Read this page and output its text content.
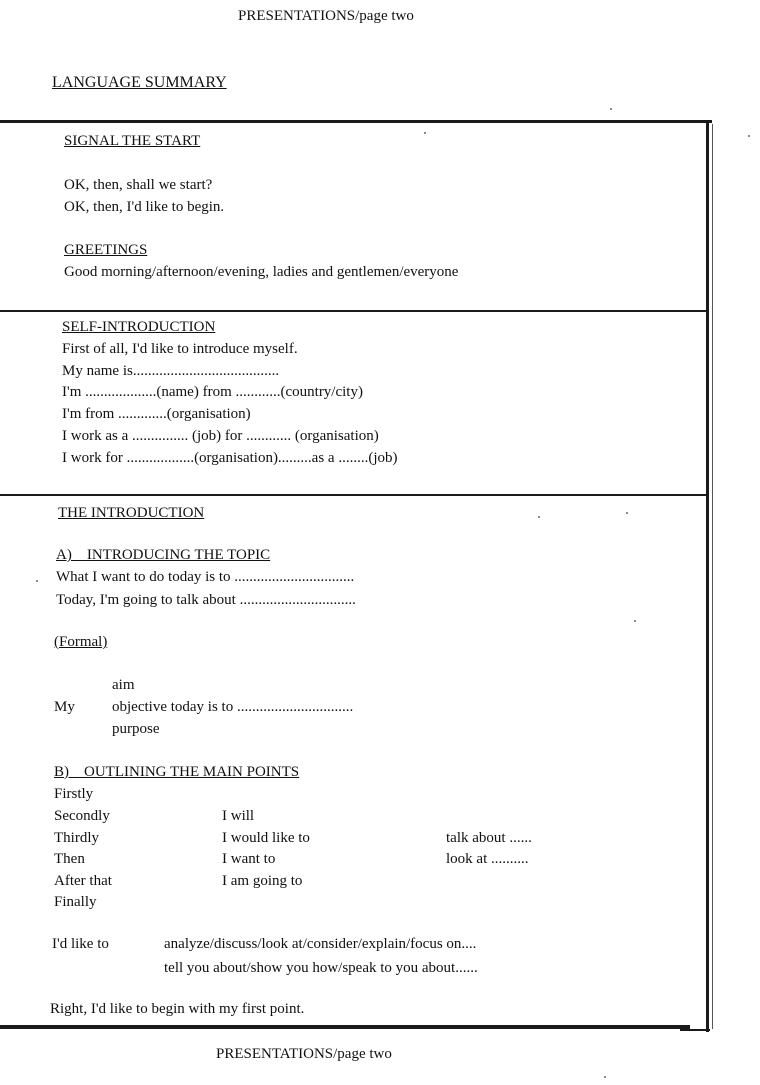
PRESENTATIONS/page two
LANGUAGE SUMMARY
SIGNAL THE START
OK, then, shall we start?
OK, then, I'd like to begin.
GREETINGS
Good morning/afternoon/evening, ladies and gentlemen/everyone
SELF-INTRODUCTION
First of all, I'd like to introduce myself.
My name is.......................................
I'm ...................(name) from ............(country/city)
I'm from .............(organisation)
I work as a ............... (job) for ............ (organisation)
I work for ..................(organisation).........as a ........(job)
THE INTRODUCTION
A)    INTRODUCING THE TOPIC
What I want to do today is to ................................
Today, I'm going to talk about ...............................
(Formal)
aim
My objective today is to ...............................
purpose
B)    OUTLINING THE MAIN POINTS
Firstly
Secondly
Thirdly
Then
After that
Finally
I will
I would like to
I want to
I am going to
talk about ......
look at ..........
I'd like to	analyze/discuss/look at/consider/explain/focus on....
tell you about/show you how/speak to you about......
Right, I'd like to begin with my first point.
PRESENTATIONS/page two
